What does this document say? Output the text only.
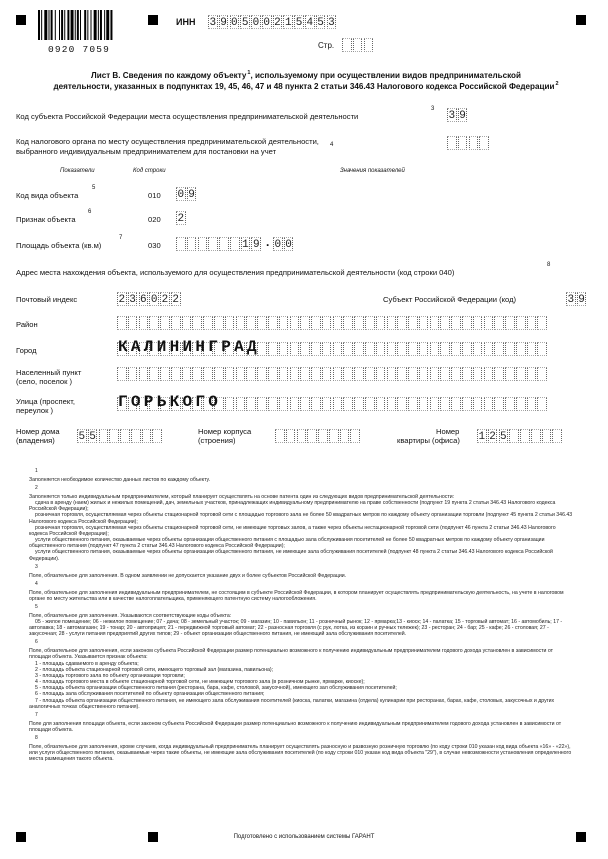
0920 7059
ИНН 3 9 0 5 0 0 2 1 5 4 5 3
Стр.
Лист В. Сведения по каждому объекту$^1$, используемому при осуществлении видов предпринимательской
деятельности, указанных в подпунктах 19, 45, 46, 47 и 48 пункта 2 статьи 346.43 Налогового кодекса Российской Федерации$^2$
Код субъекта Российской Федерации места осуществления предпринимательской деятельности
3
3 9
Код налогового органа по месту осуществления предпринимательской деятельности,
выбранного индивидуальным предпринимателем для постановки на учет
4
Показатели	Код строки	Значения показателей
Код вида объекта
5
010 0 9
Признак объекта
6
020 2
Площадь объекта (кв.м)
7
030	1 9 . 0 0
Адрес места нахождения объекта, используемого для осуществления предпринимательской деятельности (код строки 040)
8
Почтовый индекс	2 3 6 0 2 2	Субъект Российской Федерации (код)	3 9
Район
Город	КАЛИНИНГРАД
Населенный пункт
(село, поселок )
Улица (проспект,
переулок )	ГОРЬКОГО
Номер дома
(владения) 5 5	Номер корпуса
(строения)
Номер
квартиры (офиса) 1 2 5

$^1$
Заполняется необходимое количество данных листов по каждому объекту.

$^2$
Заполняется только индивидуальным предпринимателем, который планирует осуществлять на основе патента один из следующих видов предпринимательской деятельности:

сдача в аренду (наем) жилых и нежилых помещений, дач, земельных участков, принадлежащих индивидуальному предпринимателю на праве собственности (подпункт 19 пункта 2 статьи 346.43 Налогового кодекса Российской Федерации);

розничная торговля, осуществляемая через объекты стационарной торговой сети с площадью торгового зала не более 50 квадратных метров по каждому объекту организации торговли (подпункт 45 пункта 2 статьи 346.43 Налогового кодекса Российской Федерации);

розничная торговля, осуществляемая через объекты стационарной торговой сети, не имеющие торговых залов, а также через объекты нестационарной торговой сети (подпункт 46 пункта 2 статьи 346.43 Налогового кодекса Российской Федерации);

услуги общественного питания, оказываемые через объекты организации общественного питания с площадью зала обслуживания посетителей не более 50 квадратных метров по каждому объекту организации общественного питания (подпункт 47 пункта 2 статьи 346.43 Налогового кодекса Российской Федерации);

услуги общественного питания, оказываемые через объекты организации общественного питания, не имеющие зала обслуживания посетителей (подпункт 48 пункта 2 статьи 346.43 Налогового кодекса Российской Федерации).

$^3$
Поле, обязательное для заполнения. В одном заявлении не допускается указание двух и более субъектов Российской Федерации.

$^4$
Поле, обязательное для заполнения индивидуальным предпринимателем, не состоящим в субъекте Российской Федерации, в котором планирует осуществлять предпринимательскую деятельность, на учете в налоговом органе по месту жительства или в качестве налогоплательщика, применяющего патентную систему налогообложения.

$^5$
Поле, обязательное для заполнения. Указываются соответствующие коды объекта:

05 - жилое помещение; 06 - нежилое помещение; 07 - дача; 08 - земельный участок; 09 - магазин; 10 - павильон; 11 - розничный рынок; 12 - ярмарка;13 - киоск; 14 - палатка; 15 - торговый автомат; 16 - автомобиль; 17 - автолавка; 18 - автомагазин; 19 - тонар; 20 - автоприцеп; 21 - передвижной торговый автомат; 22 - разносная торговля (с рук, лотка, из корзин и ручных тележек); 23 - ресторан; 24 - бар; 25 - кафе; 26 - столовая; 27 - закусочная; 28 - услуги питания предприятий других типов; 29 - объект организации общественного питания, не имеющий зала обслуживания посетителей.

$^6$
Поле, обязательное для заполнения, если законом субъекта Российской Федерации размер потенциально возможного к получению индивидуальным предпринимателем годового дохода установлен в зависимости от площади объекта. Указывается признак объекта:

1 - площадь сдаваемого в аренду объекта;

2 - площадь объекта стационарной торговой сети, имеющего торговый зал (магазина, павильона);

3 - площадь торгового зала по объекту организации торговли;

4 - площадь торгового места в объекте стационарной торговой сети, не имеющем торгового зала (в розничном рынке, ярмарке, киоске);

5 - площадь объекта организации общественного питания (ресторана, бара, кафе, столовой, закусочной), имеющего зал обслуживания посетителей;

6 - площадь зала обслуживания посетителей по объекту организации общественного питания;

7 - площадь объекта организации общественного питания, не имеющего зала обслуживания посетителей (киоска, палатки, магазина (отдела) кулинарии при ресторанах, барах, кафе, столовых, закусочных и других аналогичных точках общественного питания).

$^7$
Поле для заполнения площади объекта, если законом субъекта Российской Федерации размер потенциально возможного к получению индивидуальным предпринимателем годового дохода установлен в зависимости от площади объекта.

$^8$
Поле, обязательное для заполнения, кроме случаев, когда индивидуальный предприниматель планирует осуществлять разносную и развозную розничную торговлю (по коду строки 010 указан код вида объекта «16» - «22»), или услуги общественного питания, оказываемые через такие объекты, не имеющие зала обслуживания посетителей (по коду строки 010 указан код вида объекта "29"), в случае невозможности установления определенного места размещения такого объекта.

Подготовлено с использованием системы ГАРАНТ
